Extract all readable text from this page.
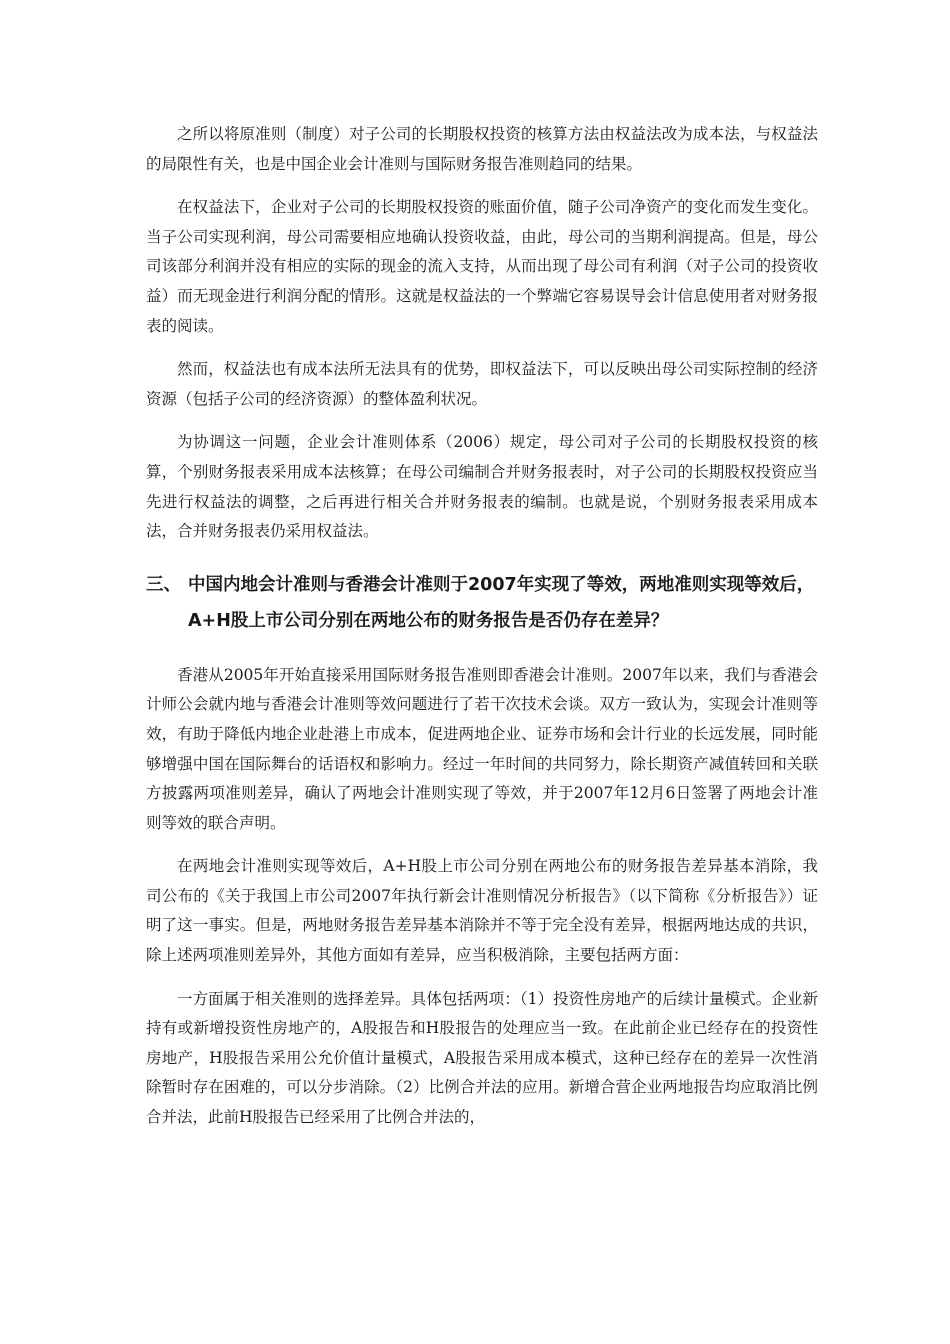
之所以将原准则（制度）对子公司的长期股权投资的核算方法由权益法改为成本法，与权益法的局限性有关，也是中国企业会计准则与国际财务报告准则趋同的结果。

在权益法下，企业对子公司的长期股权投资的账面价值，随子公司净资产的变化而发生变化。当子公司实现利润，母公司需要相应地确认投资收益，由此，母公司的当期利润提高。但是，母公司该部分利润并没有相应的实际的现金的流入支持，从而出现了母公司有利润（对子公司的投资收益）而无现金进行利润分配的情形。这就是权益法的一个弊端它容易误导会计信息使用者对财务报表的阅读。

然而，权益法也有成本法所无法具有的优势，即权益法下，可以反映出母公司实际控制的经济资源（包括子公司的经济资源）的整体盈利状况。

为协调这一问题，企业会计准则体系（2006）规定，母公司对子公司的长期股权投资的核算，个别财务报表采用成本法核算；在母公司编制合并财务报表时，对子公司的长期股权投资应当先进行权益法的调整，之后再进行相关合并财务报表的编制。也就是说，个别财务报表采用成本法，合并财务报表仍采用权益法。

三、 中国内地会计准则与香港会计准则于2007年实现了等效，两地准则实现等效后，A+H股上市公司分别在两地公布的财务报告是否仍存在差异？

香港从2005年开始直接采用国际财务报告准则即香港会计准则。2007年以来，我们与香港会计师公会就内地与香港会计准则等效问题进行了若干次技术会谈。双方一致认为，实现会计准则等效，有助于降低内地企业赴港上市成本，促进两地企业、证券市场和会计行业的长远发展，同时能够增强中国在国际舞台的话语权和影响力。经过一年时间的共同努力，除长期资产减值转回和关联方披露两项准则差异，确认了两地会计准则实现了等效，并于2007年12月6日签署了两地会计准则等效的联合声明。

在两地会计准则实现等效后，A+H股上市公司分别在两地公布的财务报告差异基本消除，我司公布的《关于我国上市公司2007年执行新会计准则情况分析报告》（以下简称《分析报告》）证明了这一事实。但是，两地财务报告差异基本消除并不等于完全没有差异，根据两地达成的共识，除上述两项准则差异外，其他方面如有差异，应当积极消除，主要包括两方面：

一方面属于相关准则的选择差异。具体包括两项：（1）投资性房地产的后续计量模式。企业新持有或新增投资性房地产的，A股报告和H股报告的处理应当一致。在此前企业已经存在的投资性房地产，H股报告采用公允价值计量模式，A股报告采用成本模式，这种已经存在的差异一次性消除暂时存在困难的，可以分步消除。（2）比例合并法的应用。新增合营企业两地报告均应取消比例合并法，此前H股报告已经采用了比例合并法的，
